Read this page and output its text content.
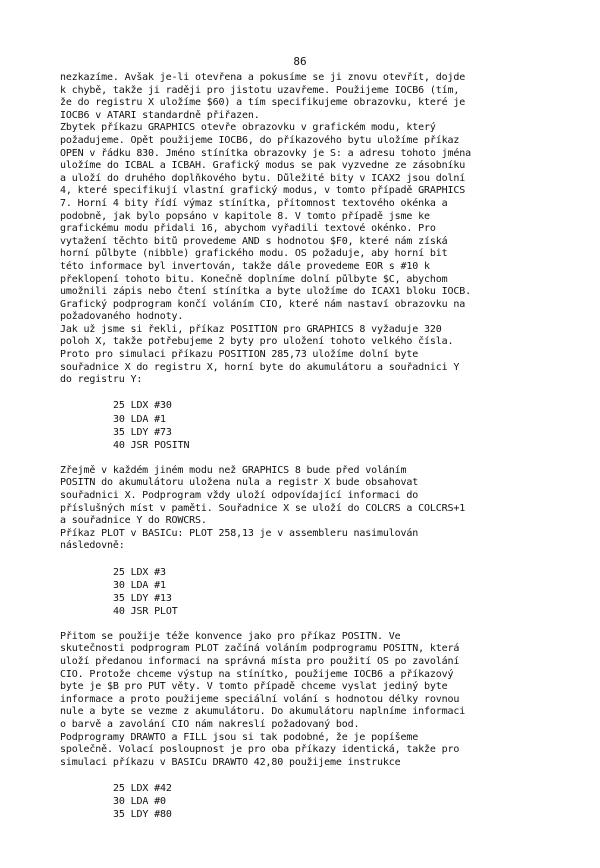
86
nezkazíme. Avšak je-li otevřena a pokusíme se ji znovu otevřít, dojde
k chybě, takže ji raději pro jistotu uzavřeme. Použijeme IOCB6 (tím,
že do registru X uložíme $60) a tím specifikujeme obrazovku, které je
IOCB6 v ATARI standardně přiřazen.
Zbytek příkazu GRAPHICS otevře obrazovku v grafickém modu, který
požadujeme. Opět použijeme IOCB6, do příkazového bytu uložíme příkaz
OPEN v řádku 830. Jméno stínítka obrazovky je S: a adresu tohoto jména
uložíme do ICBAL a ICBAH. Grafický modus se pak vyzvedne ze zásobníku
a uloží do druhého doplňkového bytu. Důležité bity v ICAX2 jsou dolní
4, které specifikují vlastní grafický modus, v tomto případě GRAPHICS
7. Horní 4 bity řídí výmaz stínítka, přítomnost textového okénka a
podobně, jak bylo popsáno v kapitole 8. V tomto případě jsme ke
grafickému modu přidali 16, abychom vyřadili textové okénko. Pro
vytažení těchto bitů provedeme AND s hodnotou $F0, které nám získá
horní půlbyte (nibble) grafického modu. OS požaduje, aby horní bit
této informace byl invertován, takže dále provedeme EOR s #10 k
překlopení tohoto bitu. Konečně doplníme dolní půlbyte $C, abychom
umožnili zápis nebo čtení stínítka a byte uložíme do ICAX1 bloku IOCB.
Grafický podprogram končí voláním CIO, které nám nastaví obrazovku na
požadovaného hodnoty.
Jak už jsme si řekli, příkaz POSITION pro GRAPHICS 8 vyžaduje 320
poloh X, takže potřebujeme 2 byty pro uložení tohoto velkého čísla.
Proto pro simulaci příkazu POSITION 285,73 uložíme dolní byte
souřadnice X do registru X, horní byte do akumulátoru a souřadnici Y
do registru Y:
25 LDX #30
30 LDA #1
35 LDY #73
40 JSR POSITN
Zřejmě v každém jiném modu než GRAPHICS 8 bude před voláním
POSITN do akumulátoru uložena nula a registr X bude obsahovat
souřadnici X. Podprogram vždy uloží odpovídající informaci do
příslušných míst v paměti. Souřadnice X se uloží do COLCRS a COLCRS+1
a souřadnice Y do ROWCRS.
Příkaz PLOT v BASICu: PLOT 258,13 je v assembleru nasimulován
následovně:
25 LDX #3
30 LDA #1
35 LDY #13
40 JSR PLOT
Přitom se použije téže konvence jako pro příkaz POSITN. Ve
skutečnosti podprogram PLOT začíná voláním podprogramu POSITN, která
uloží předanou informaci na správná místa pro použití OS po zavolání
CIO. Protože chceme výstup na stínítko, použijeme IOCB6 a příkazový
byte je $B pro PUT věty. V tomto případě chceme vyslat jediný byte
informace a proto použijeme speciální volání s hodnotou délky rovnou
nule a byte se vezme z akumulátoru. Do akumulátoru naplníme informaci
o barvě a zavolání CIO nám nakreslí požadovaný bod.
Podprogramy DRAWTO a FILL jsou si tak podobné, že je popíšeme
společně. Volací posloupnost je pro oba příkazy identická, takže pro
simulaci příkazu v BASICu DRAWTO 42,80 použijeme instrukce
25 LDX #42
30 LDA #0
35 LDY #80
